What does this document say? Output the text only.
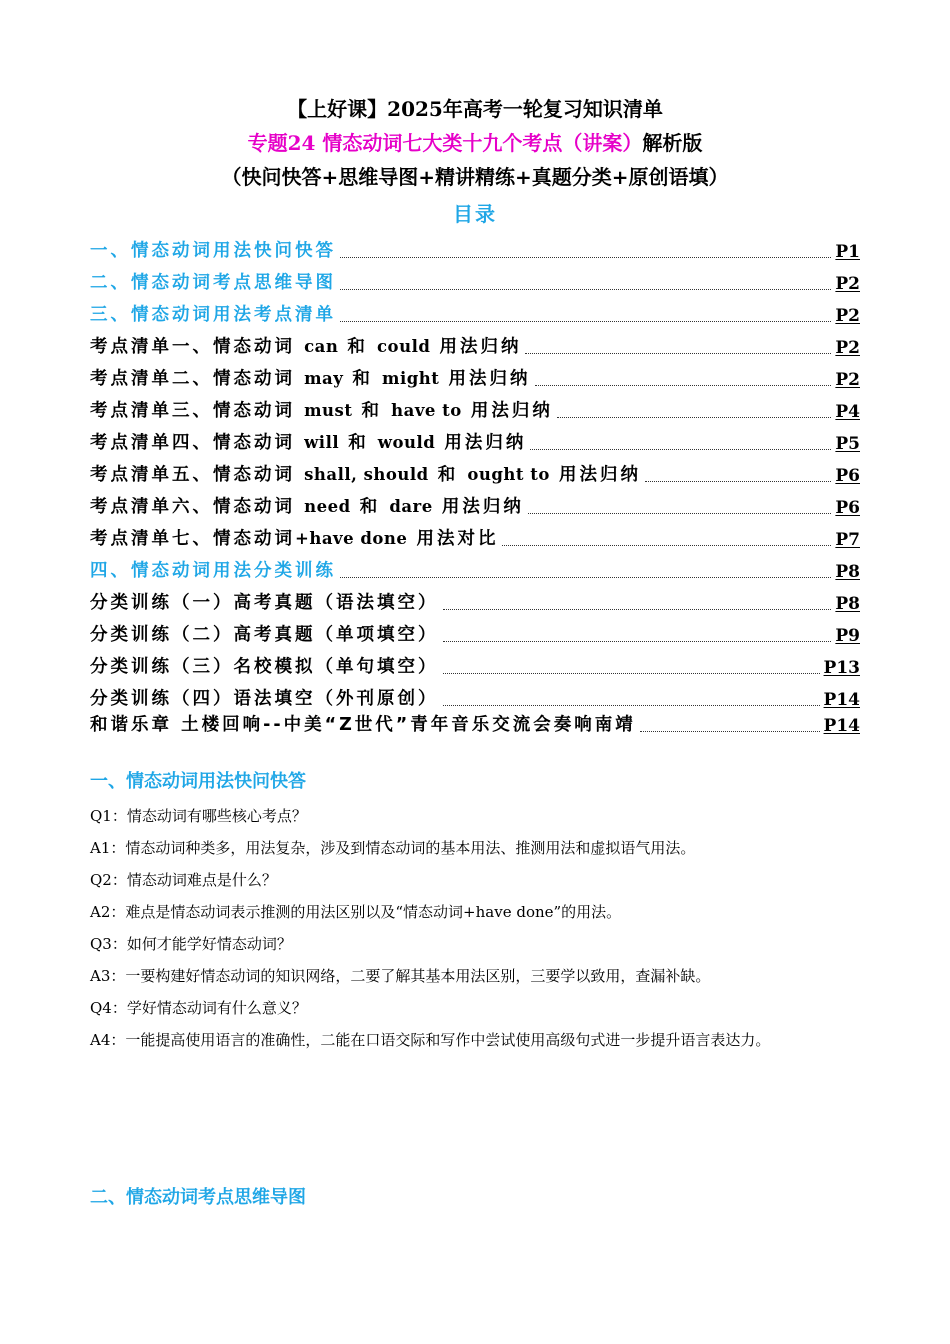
【上好课】2025年高考一轮复习知识清单
专题24 情态动词七大类十九个考点（讲案）解析版
（快问快答+思维导图+精讲精练+真题分类+原创语填）
目录
一、情态动词用法快问快答	P1
二、情态动词考点思维导图	P2
三、情态动词用法考点清单	P2
考点清单一、情态动词 can 和 could 用法归纳	P2
考点清单二、情态动词 may 和 might 用法归纳	P2
考点清单三、情态动词 must 和 have to 用法归纳	P4
考点清单四、情态动词 will 和 would 用法归纳	P5
考点清单五、情态动词 shall, should 和 ought to 用法归纳	P6
考点清单六、情态动词 need 和 dare 用法归纳	P6
考点清单七、情态动词+have done 用法对比	P7
四、情态动词用法分类训练	P8
分类训练（一）高考真题（语法填空）	P8
分类训练（二）高考真题（单项填空）	P9
分类训练（三）名校模拟（单句填空）	P13
分类训练（四）语法填空（外刊原创）	P14
和谐乐章 土楼回响--中美“Z世代”青年音乐交流会奏响南靖	P14
一、情态动词用法快问快答
Q1：情态动词有哪些核心考点？
A1：情态动词种类多，用法复杂，涉及到情态动词的基本用法、推测用法和虚拟语气用法。
Q2：情态动词难点是什么？
A2：难点是情态动词表示推测的用法区别以及“情态动词+have done”的用法。
Q3：如何才能学好情态动词？
A3：一要构建好情态动词的知识网络，二要了解其基本用法区别，三要学以致用，查漏补缺。
Q4：学好情态动词有什么意义？
A4：一能提高使用语言的准确性，二能在口语交际和写作中尝试使用高级句式进一步提升语言表达力。
二、情态动词考点思维导图
